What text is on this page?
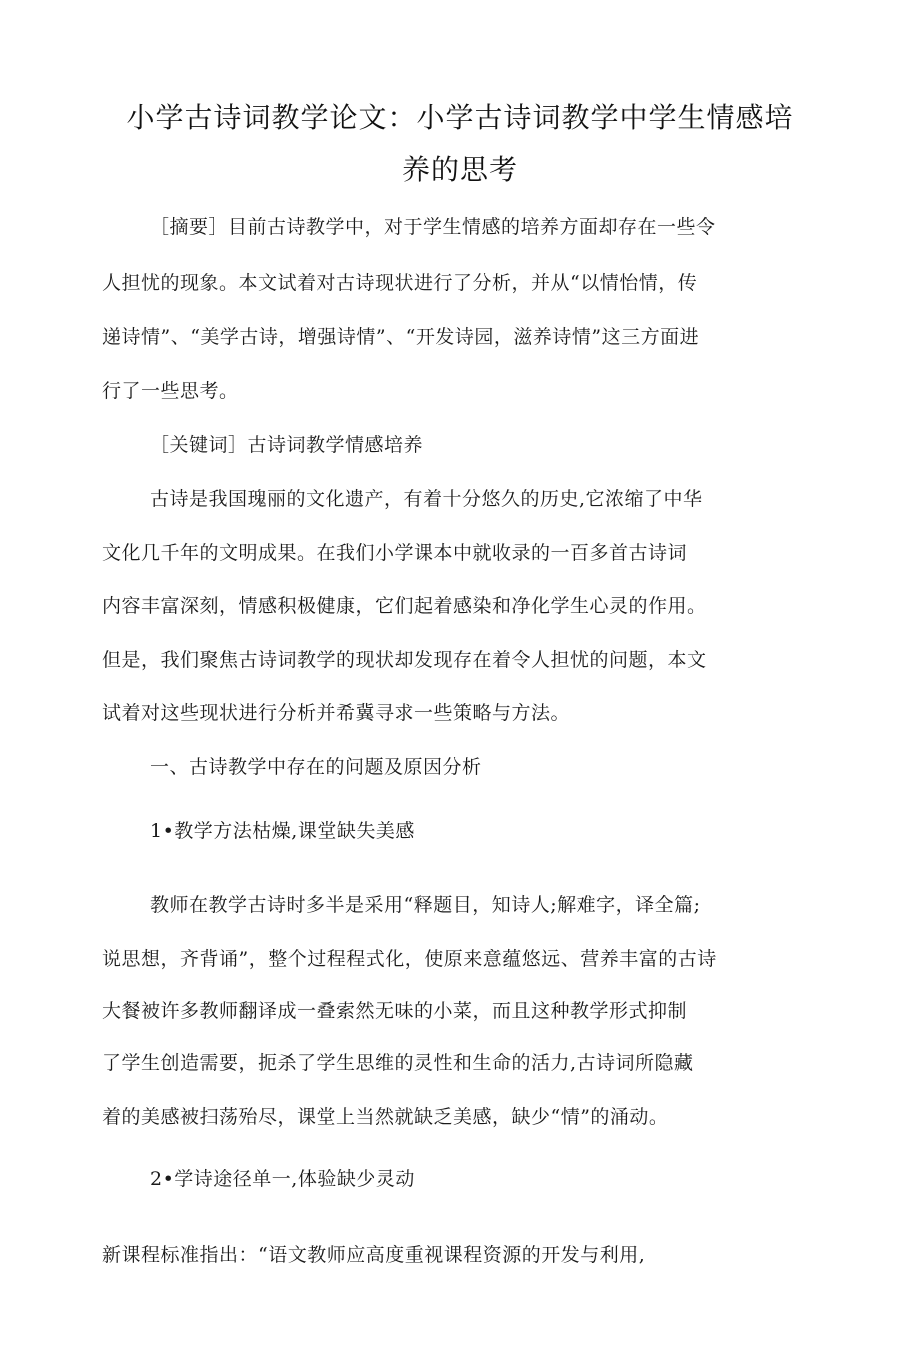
小学古诗词教学论文：小学古诗词教学中学生情感培
养的思考

［摘要］目前古诗教学中，对于学生情感的培养方面却存在一些令

人担忧的现象。本文试着对古诗现状进行了分析，并从“以情怡情，传

递诗情”、“美学古诗，增强诗情”、“开发诗园，滋养诗情”这三方面进

行了一些思考。

［关键词］古诗词教学情感培养

古诗是我国瑰丽的文化遗产，有着十分悠久的历史,它浓缩了中华

文化几千年的文明成果。在我们小学课本中就收录的一百多首古诗词

内容丰富深刻，情感积极健康，它们起着感染和净化学生心灵的作用。

但是，我们聚焦古诗词教学的现状却发现存在着令人担忧的问题，本文

试着对这些现状进行分析并希冀寻求一些策略与方法。

一、古诗教学中存在的问题及原因分析

1•教学方法枯燥,课堂缺失美感

教师在教学古诗时多半是采用“释题目，知诗人;解难字，译全篇;

说思想，齐背诵”，整个过程程式化，使原来意蕴悠远、营养丰富的古诗

大餐被许多教师翻译成一叠索然无味的小菜，而且这种教学形式抑制

了学生创造需要，扼杀了学生思维的灵性和生命的活力,古诗词所隐藏

着的美感被扫荡殆尽，课堂上当然就缺乏美感，缺少“情”的涌动。

2•学诗途径单一,体验缺少灵动

新课程标准指出：“语文教师应高度重视课程资源的开发与利用,
